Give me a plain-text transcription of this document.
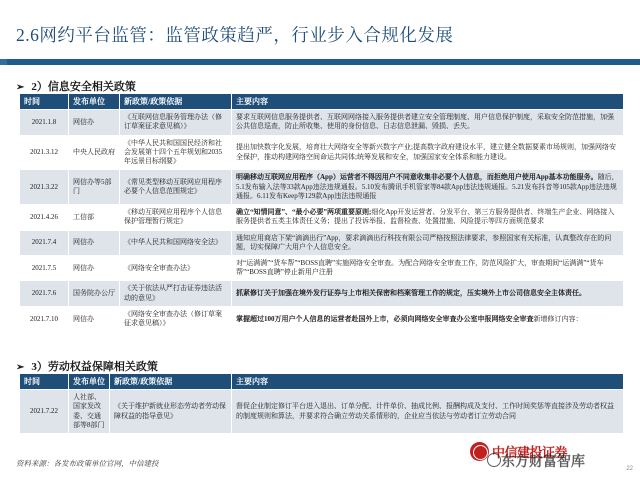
2.6网约平台监管：监管政策趋严，行业步入合规化发展
➢ 2）信息安全相关政策
时间	发布单位	新政策/政策依据	主要内容
2021.1.8	网信办	《互联网信息服务管理办法（修订草案征求意见稿）》	要求互联网信息服务提供者、互联网网络接入服务提供者建立安全管理制度、用户信息保护制度，采取安全防范措施，加强公共信息巡查，防止所收集、使用的身份信息、日志信息泄漏、毁损、丢失。
2021.3.12	中央人民政府	《中华人民共和国国民经济和社会发展第十四个五年规划和2035年远景目标纲要》	提出加快数字化发展，培育壮大网络安全等新兴数字产业;提高数字政府建设水平，建立健全数据要素市场规则，加强网络安全保护，推动构建网络空间命运共同体;统筹发展和安全，加强国家安全体系和能力建设。
2021.3.22	网信办等5部门	《常见类型移动互联网应用程序必要个人信息范围规定》	明确移动互联网应用程序（App）运营者不得因用户不同意收集非必要个人信息，而拒绝用户使用App基本功能服务。随后，5.1发布输入法等33款App违法违规通报。5.10发布腾讯手机管家等84款App违法违规通报。5.21发布抖音等105款App违法违规通报。6.11发布Keep等129款App违法违规通报
2021.4.26	工信部	《移动互联网应用程序个人信息保护管理暂行规定》	确立“知情同意”、“最小必要”两项重要原则;细化App开发运营者、分发平台、第三方服务提供者、终端生产企业、网络接入服务提供者五类主体责任义务；提出了投诉举报、监督检查、处置措施、风险提示等四方面规范要求
2021.7.4	网信办	《中华人民共和国网络安全法》	通知应用商店下架“滴滴出行”App，要求滴滴出行科技有限公司严格按照法律要求，参照国家有关标准，认真整改存在的问题，切实保障广大用户个人信息安全。
2021.7.5	网信办	《网络安全审查办法》	对“运满满”“货车帮”“BOSS直聘”实施网络安全审查。为配合网络安全审查工作，防范风险扩大，审查期间“运满满”“货车帮”“BOSS直聘”停止新用户注册
2021.7.6	国务院办公厅	《关于依法从严打击证券违法活动的意见》	抓紧修订关于加强在境外发行证券与上市相关保密和档案管理工作的规定，压实境外上市公司信息安全主体责任。
2021.7.10	网信办	《网络安全审查办法（修订草案征求意见稿）》	掌握超过100万用户个人信息的运营者赴国外上市，必须向网络安全审查办公室申报网络安全审查新增修订内容：
➢ 3）劳动权益保障相关政策
时间	发布单位	新政策/政策依据	主要内容
2021.7.22	人社部、国家发改委、交通部等8部门	《关于维护新就业形态劳动者劳动保障权益的指导意见》	督促企业制定修订平台进入退出、订单分配、计件单价、抽成比例、报酬构成及支付、工作时间奖惩等直接涉及劳动者权益的制度规则和算法，并要求符合确立劳动关系情形的，企业应当依法与劳动者订立劳动合同
资料来源：各发布政策单位官网，中信建投
中信建投证券
东方财富智库	22
